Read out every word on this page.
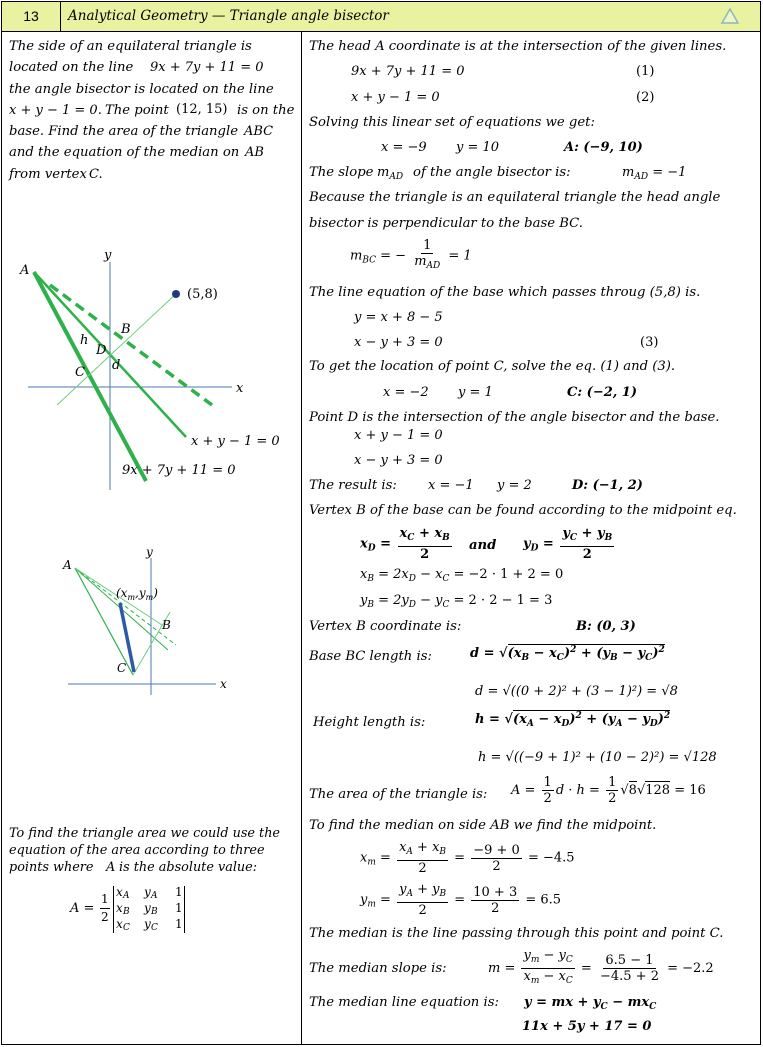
13	Analytical Geometry — Triangle angle bisector
The side of an equilateral triangle is
located on the line 9x + 7y + 11 = 0
the angle bisector is located on the line
x + y − 1 = 0. The point (12, 15) is on the
base. Find the area of the triangle ABC
and the equation of the median on AB
from vertex C.
A
y
x
(5,8)
B
h
D
d
C
x + y − 1 = 0
9x + 7y + 11 = 0
A
y
x
B
C
$(x_m,y_m)$
To find the triangle area we could use the
equation of the area according to three
points where A is the absolute value:
A =
1
2
x A y A 1
x B y B 1
x C y C 1
The head A coordinate is at the intersection of the given lines.
9x + 7y + 11 = 0	(1)
x + y − 1 = 0	(2)
Solving this linear set of equations we get:
x = −9 y = 10	A: (−9, 10)
The slope $m_{AD}$ of the angle bisector is:	$m_{AD} = -1$
Because the triangle is an equilateral triangle the head angle
bisector is perpendicular to the base BC.
$m_{BC}$ = − $\frac{1}{m_{AD}} = 1$
The line equation of the base which passes throug (5,8) is.
y = x + 8 − 5
x − y + 3 = 0	(3)
To get the location of point C, solve the eq. (1) and (3).
x = −2 y = 1	C: (−2, 1)
Point D is the intersection of the angle bisector and the base.
x + y − 1 = 0
x − y + 3 = 0
The result is: x = −1 y = 2	D: (−1, 2)
Vertex B of the base can be found according to the midpoint eq.
$x_D = \frac{x_C + x_B}{2}$ and $y_D = \frac{y_C + y_B}{2}$
$x_B = 2x_D - x_C = -2 \cdot 1 + 2 = 0$
$y_B = 2y_D - y_C = 2 \cdot 2 - 1 = 3$
Vertex B coordinate is:	B: (0, 3)
Base BC length is:	$d = √(x_B - x_C)^2 + (y_B - y_C)^2$
d = √((0 + 2)² + (3 − 1)²) = √8
Height length is:	$h = √(x_A - x_D)^2 + (y_A - y_D)^2$
h = √((−9 + 1)² + (10 − 2)²) = √128
The area of the triangle is: $A = \frac{1}{2}$ $d \cdot h = \frac{1}{2} √8√128 = 16$
To find the median on side AB we find the midpoint.
$x_m = \frac{x_A + x_B}{2} = \frac{-9 + 0}{2} = -4.5$
$y_m = \frac{y_A + y_B}{2} = \frac{10 + 3}{2} = 6.5$
The median is the line passing through this point and point C.
The median slope is:	$m = \frac{y_m - y_C}{x_m - x_C} = \frac{6.5 - 1}{-4.5 + 2} = -2.2$
The median line equation is: y = mx + $y_C - mx_C$
11x + 5y + 17 = 0
